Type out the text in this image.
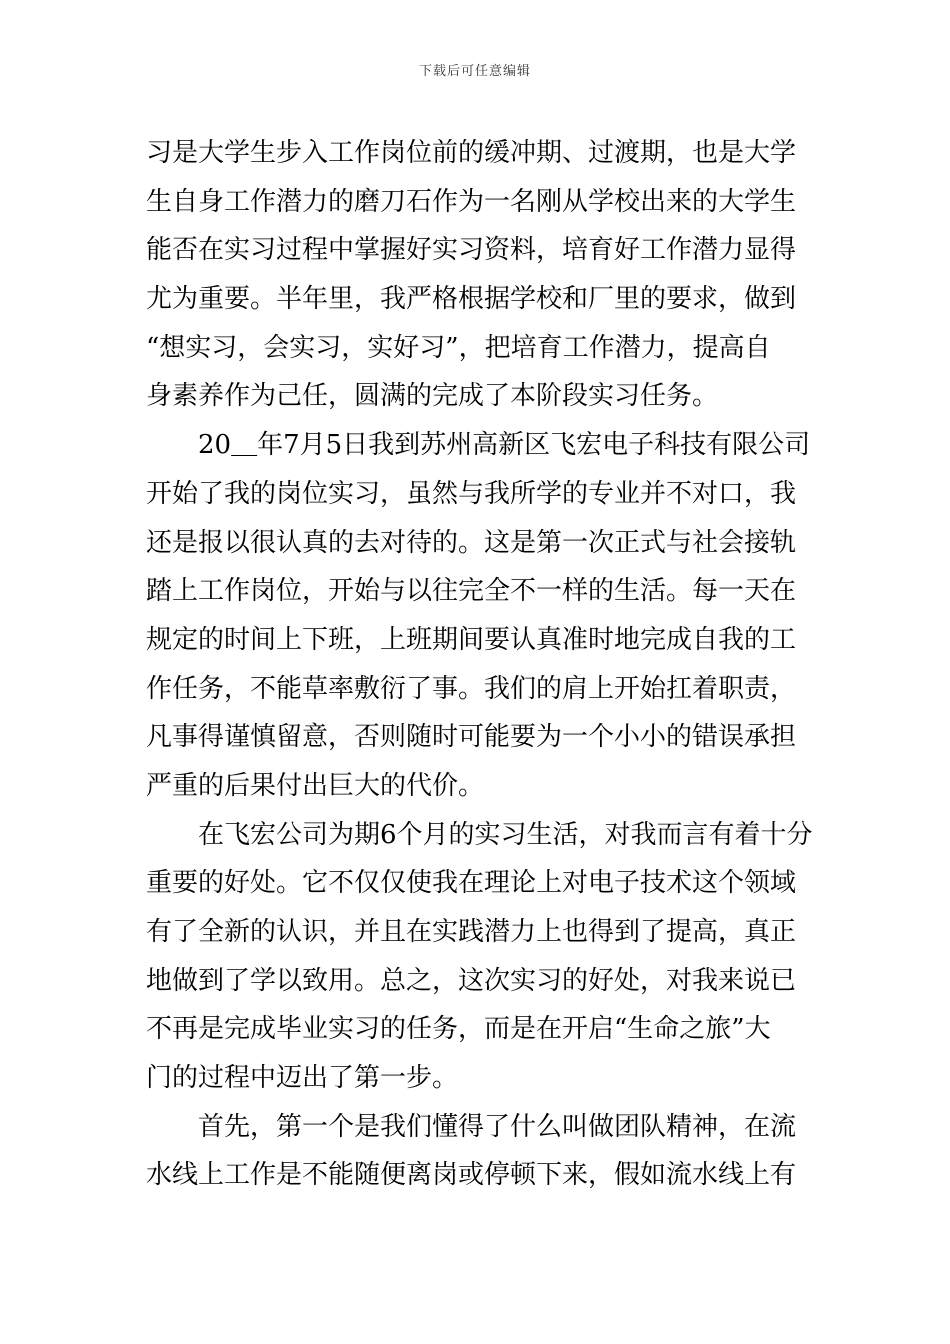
下载后可任意编辑
习是大学生步入工作岗位前的缓冲期、过渡期，也是大学
生自身工作潜力的磨刀石作为一名刚从学校出来的大学生
能否在实习过程中掌握好实习资料，培育好工作潜力显得
尤为重要。半年里，我严格根据学校和厂里的要求，做到
“想实习，会实习，实好习”，把培育工作潜力，提高自
身素养作为己任，圆满的完成了本阶段实习任务。
　　20＿年7月5日我到苏州高新区飞宏电子科技有限公司
开始了我的岗位实习，虽然与我所学的专业并不对口，我
还是报以很认真的去对待的。这是第一次正式与社会接轨
踏上工作岗位，开始与以往完全不一样的生活。每一天在
规定的时间上下班，上班期间要认真准时地完成自我的工
作任务，不能草率敷衍了事。我们的肩上开始扛着职责，
凡事得谨慎留意，否则随时可能要为一个小小的错误承担
严重的后果付出巨大的代价。
　　在飞宏公司为期6个月的实习生活，对我而言有着十分
重要的好处。它不仅仅使我在理论上对电子技术这个领域
有了全新的认识，并且在实践潜力上也得到了提高，真正
地做到了学以致用。总之，这次实习的好处，对我来说已
不再是完成毕业实习的任务，而是在开启“生命之旅”大
门的过程中迈出了第一步。
　　首先，第一个是我们懂得了什么叫做团队精神，在流
水线上工作是不能随便离岗或停顿下来，假如流水线上有
